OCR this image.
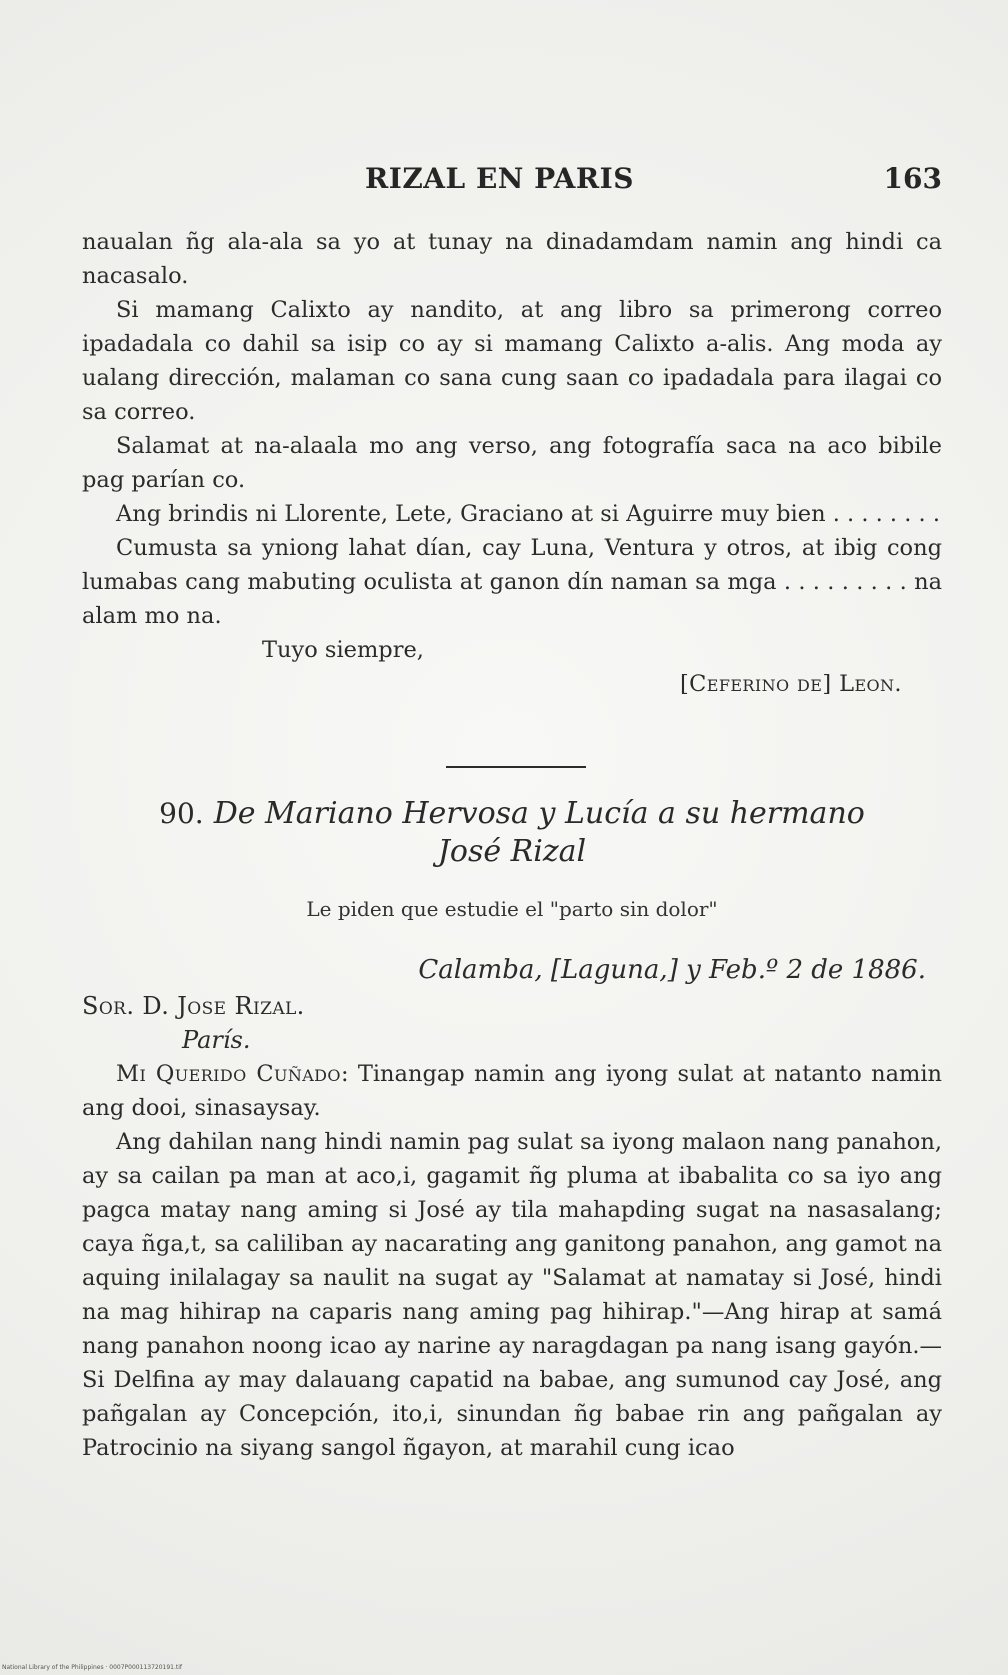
RIZAL EN PARIS	163

naualan ñg ala-ala sa yo at tunay na dinadamdam namin ang hindi ca nacasalo.

Si mamang Calixto ay nandito, at ang libro sa primerong correo ipadadala co dahil sa isip co ay si mamang Calixto a-alis. Ang moda ay ualang dirección, malaman co sana cung saan co ipadadala para ilagai co sa correo.

Salamat at na-alaala mo ang verso, ang fotografía saca na aco bibile pag parían co.

Ang brindis ni Llorente, Lete, Graciano at si Aguirre muy bien . . . . . . . .

Cumusta sa yniong lahat dían, cay Luna, Ventura y otros, at ibig cong lumabas cang mabuting oculista at ganon dín naman sa mga . . . . . . . . . na alam mo na.

Tuyo siempre,

[Ceferino de] Leon.

90. De Mariano Hervosa y Lucía a su hermano
José Rizal
Le piden que estudie el "parto sin dolor"
Calamba, [Laguna,] y Feb.º 2 de 1886.
Sor. D. Jose Rizal.
París.

Mi Querido Cuñado: Tinangap namin ang iyong sulat at natanto namin ang dooi, sinasaysay.

Ang dahilan nang hindi namin pag sulat sa iyong malaon nang panahon, ay sa cailan pa man at aco,i, gagamit ñg pluma at ibabalita co sa iyo ang pagca matay nang aming si José ay tila mahapding sugat na nasasalang; caya ñga,t, sa caliliban ay nacarating ang ganitong panahon, ang gamot na aquing inilalagay sa naulit na sugat ay "Salamat at namatay si José, hindi na mag hihirap na caparis nang aming pag hihirap."—Ang hirap at samá nang panahon noong icao ay narine ay naragdagan pa nang isang gayón.—Si Delfina ay may dalauang capatid na babae, ang sumunod cay José, ang pañgalan ay Concepción, ito,i, sinundan ñg babae rin ang pañgalan ay Patrocinio na siyang sangol ñgayon, at marahil cung icao

National Library of the Philippines · 0007P000113720191.tif
